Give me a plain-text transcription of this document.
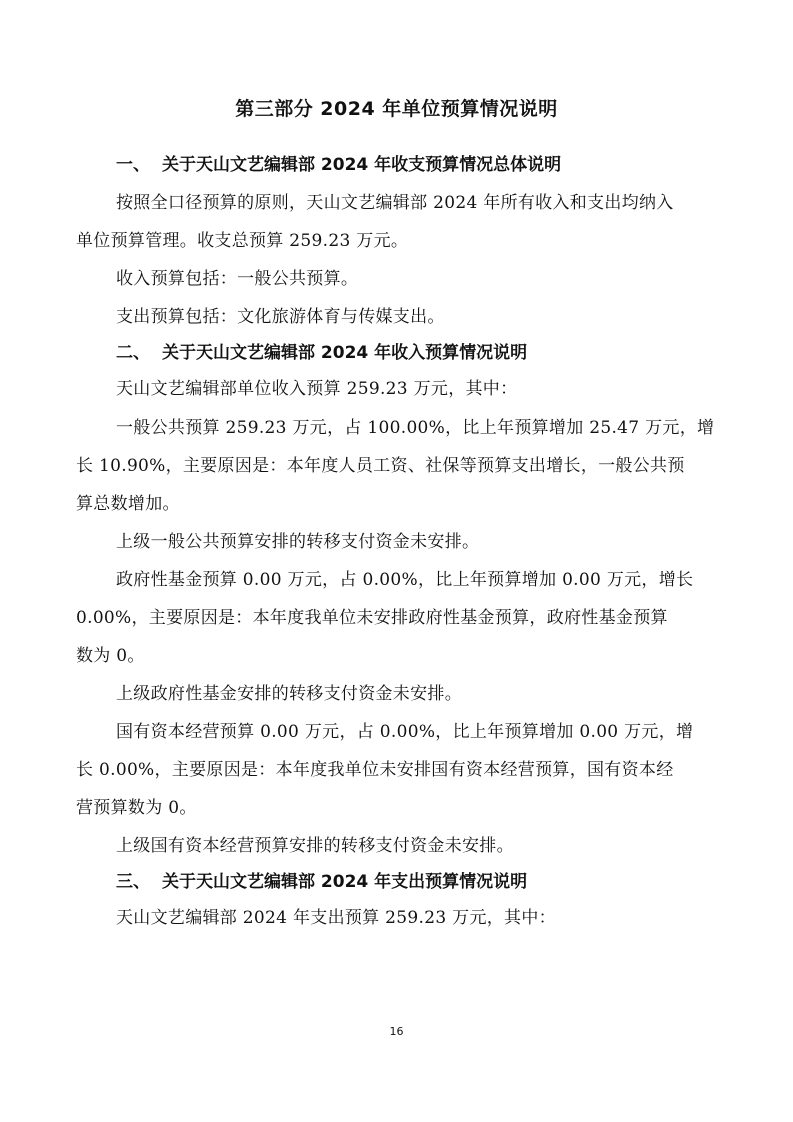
第三部分 2024 年单位预算情况说明
一、 关于天山文艺编辑部 2024 年收支预算情况总体说明
按照全口径预算的原则，天山文艺编辑部 2024 年所有收入和支出均纳入
单位预算管理。收支总预算 259.23 万元。
收入预算包括：一般公共预算。
支出预算包括：文化旅游体育与传媒支出。
二、 关于天山文艺编辑部 2024 年收入预算情况说明
天山文艺编辑部单位收入预算 259.23 万元，其中：
一般公共预算 259.23 万元，占 100.00%，比上年预算增加 25.47 万元，增
长 10.90%，主要原因是：本年度人员工资、社保等预算支出增长，一般公共预
算总数增加。
上级一般公共预算安排的转移支付资金未安排。
政府性基金预算 0.00 万元，占 0.00%，比上年预算增加 0.00 万元，增长
0.00%，主要原因是：本年度我单位未安排政府性基金预算，政府性基金预算
数为 0。
上级政府性基金安排的转移支付资金未安排。
国有资本经营预算 0.00 万元，占 0.00%，比上年预算增加 0.00 万元，增
长 0.00%，主要原因是：本年度我单位未安排国有资本经营预算，国有资本经
营预算数为 0。
上级国有资本经营预算安排的转移支付资金未安排。
三、 关于天山文艺编辑部 2024 年支出预算情况说明
天山文艺编辑部 2024 年支出预算 259.23 万元，其中：
16
